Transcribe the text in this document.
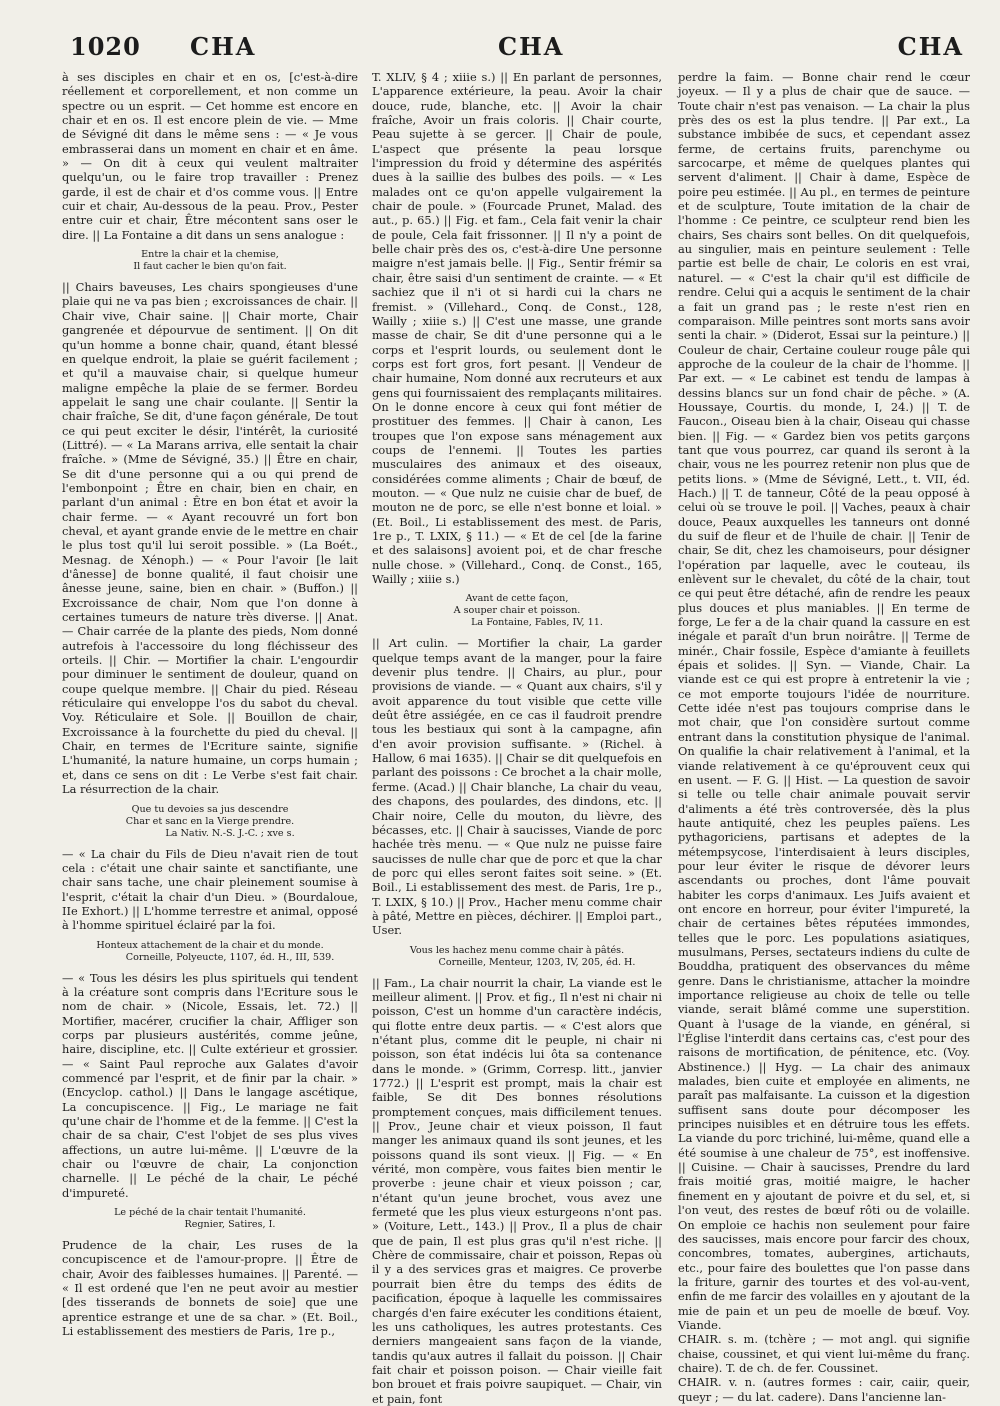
1020 CHA	CHA	CHA

à ses disciples en chair et en os, [c'est-à-dire réellement et corporellement, et non comme un spectre ou un esprit. — Cet homme est encore en chair et en os. Il est encore plein de vie. — Mme de Sévigné dit dans le même sens : — « Je vous embrasserai dans un moment en chair et en âme. » — On dit à ceux qui veulent maltraiter quelqu'un, ou le faire trop travailler : Prenez garde, il est de chair et d'os comme vous. || Entre cuir et chair, Au-dessous de la peau. Prov., Pester entre cuir et chair, Être mécontent sans oser le dire. || La Fontaine a dit dans un sens analogue :

Entre la chair et la chemise,
Il faut cacher le bien qu'on fait.

|| Chairs baveuses, Les chairs spongieuses d'une plaie qui ne va pas bien ; excroissances de chair. || Chair vive, Chair saine. || Chair morte, Chair gangrenée et dépourvue de sentiment. || On dit qu'un homme a bonne chair, quand, étant blessé en quelque endroit, la plaie se guérit facilement ; et qu'il a mauvaise chair, si quelque humeur maligne empêche la plaie de se fermer. Bordeu appelait le sang une chair coulante. || Sentir la chair fraîche, Se dit, d'une façon générale, De tout ce qui peut exciter le désir, l'intérêt, la curiosité (Littré). — « La Marans arriva, elle sentait la chair fraîche. » (Mme de Sévigné, 35.) || Être en chair, Se dit d'une personne qui a ou qui prend de l'embonpoint ; Être en chair, bien en chair, en parlant d'un animal : Être en bon état et avoir la chair ferme. — « Ayant recouvré un fort bon cheval, et ayant grande envie de le mettre en chair le plus tost qu'il lui seroit possible. » (La Boét., Mesnag. de Xénoph.) — « Pour l'avoir [le lait d'ânesse] de bonne qualité, il faut choisir une ânesse jeune, saine, bien en chair. » (Buffon.) || Excroissance de chair, Nom que l'on donne à certaines tumeurs de nature très diverse. || Anat. — Chair carrée de la plante des pieds, Nom donné autrefois à l'accessoire du long fléchisseur des orteils. || Chir. — Mortifier la chair. L'engourdir pour diminuer le sentiment de douleur, quand on coupe quelque membre. || Chair du pied. Réseau réticulaire qui enveloppe l'os du sabot du cheval. Voy. Réticulaire et Sole. || Bouillon de chair, Excroissance à la fourchette du pied du cheval. || Chair, en termes de l'Ecriture sainte, signifie L'humanité, la nature humaine, un corps humain ; et, dans ce sens on dit : Le Verbe s'est fait chair. La résurrection de la chair.

Que tu devoies sa jus descendre
Char et sanc en la Vierge prendre.
La Nativ. N.-S. J.-C. ; xve s.

— « La chair du Fils de Dieu n'avait rien de tout cela : c'était une chair sainte et sanctifiante, une chair sans tache, une chair pleinement soumise à l'esprit, c'était la chair d'un Dieu. » (Bourdaloue, IIe Exhort.) || L'homme terrestre et animal, opposé à l'homme spirituel éclairé par la foi.

Honteux attachement de la chair et du monde.
Corneille, Polyeucte, 1107, éd. H., III, 539.

— « Tous les désirs les plus spirituels qui tendent à la créature sont compris dans l'Ecriture sous le nom de chair. » (Nicole, Essais, let. 72.) || Mortifier, macérer, crucifier la chair, Affliger son corps par plusieurs austérités, comme jeûne, haire, discipline, etc. || Culte extérieur et grossier. — « Saint Paul reproche aux Galates d'avoir commencé par l'esprit, et de finir par la chair. » (Encyclop. cathol.) || Dans le langage ascétique, La concupiscence. || Fig., Le mariage ne fait qu'une chair de l'homme et de la femme. || C'est la chair de sa chair, C'est l'objet de ses plus vives affections, un autre lui-même. || L'œuvre de la chair ou l'œuvre de chair, La conjonction charnelle. || Le péché de la chair, Le péché d'impureté.

Le péché de la chair tentait l'humanité.
Regnier, Satires, I.

Prudence de la chair, Les ruses de la concupiscence et de l'amour-propre. || Être de chair, Avoir des faiblesses humaines. || Parenté. — « Il est ordené que l'en ne peut avoir au mestier [des tisserands de bonnets de soie] que une aprentice estrange et une de sa char. » (Et. Boil., Li establissement des mestiers de Paris, 1re p.,

T. XLIV, § 4 ; xiiie s.) || En parlant de personnes, L'apparence extérieure, la peau. Avoir la chair douce, rude, blanche, etc. || Avoir la chair fraîche, Avoir un frais coloris. || Chair courte, Peau sujette à se gercer. || Chair de poule, L'aspect que présente la peau lorsque l'impression du froid y détermine des aspérités dues à la saillie des bulbes des poils. — « Les malades ont ce qu'on appelle vulgairement la chair de poule. » (Fourcade Prunet, Malad. des aut., p. 65.) || Fig. et fam., Cela fait venir la chair de poule, Cela fait frissonner. || Il n'y a point de belle chair près des os, c'est-à-dire Une personne maigre n'est jamais belle. || Fig., Sentir frémir sa chair, être saisi d'un sentiment de crainte. — « Et sachiez que il n'i ot si hardi cui la chars ne fremist. » (Villehard., Conq. de Const., 128, Wailly ; xiiie s.) || C'est une masse, une grande masse de chair, Se dit d'une personne qui a le corps et l'esprit lourds, ou seulement dont le corps est fort gros, fort pesant. || Vendeur de chair humaine, Nom donné aux recruteurs et aux gens qui fournissaient des remplaçants militaires. On le donne encore à ceux qui font métier de prostituer des femmes. || Chair à canon, Les troupes que l'on expose sans ménagement aux coups de l'ennemi. || Toutes les parties musculaires des animaux et des oiseaux, considérées comme aliments ; Chair de bœuf, de mouton. — « Que nulz ne cuisie char de buef, de mouton ne de porc, se elle n'est bonne et loial. » (Et. Boil., Li establissement des mest. de Paris, 1re p., T. LXIX, § 11.) — « Et de cel [de la farine et des salaisons] avoient poi, et de char fresche nulle chose. » (Villehard., Conq. de Const., 165, Wailly ; xiiie s.)

Avant de cette façon,
A souper chair et poisson.
La Fontaine, Fables, IV, 11.

|| Art culin. — Mortifier la chair, La garder quelque temps avant de la manger, pour la faire devenir plus tendre. || Chairs, au plur., pour provisions de viande. — « Quant aux chairs, s'il y avoit apparence du tout visible que cette ville deût être assiégée, en ce cas il faudroit prendre tous les bestiaux qui sont à la campagne, afin d'en avoir provision suffisante. » (Richel. à Hallow, 6 mai 1635). || Chair se dit quelquefois en parlant des poissons : Ce brochet a la chair molle, ferme. (Acad.) || Chair blanche, La chair du veau, des chapons, des poulardes, des dindons, etc. || Chair noire, Celle du mouton, du lièvre, des bécasses, etc. || Chair à saucisses, Viande de porc hachée très menu. — « Que nulz ne puisse faire saucisses de nulle char que de porc et que la char de porc qui elles seront faites soit seine. » (Et. Boil., Li establissement des mest. de Paris, 1re p., T. LXIX, § 10.) || Prov., Hacher menu comme chair à pâté, Mettre en pièces, déchirer. || Emploi part., User.

Vous les hachez menu comme chair à pâtés.
Corneille, Menteur, 1203, IV, 205, éd. H.

|| Fam., La chair nourrit la chair, La viande est le meilleur aliment. || Prov. et fig., Il n'est ni chair ni poisson, C'est un homme d'un caractère indécis, qui flotte entre deux partis. — « C'est alors que n'étant plus, comme dit le peuple, ni chair ni poisson, son état indécis lui ôta sa contenance dans le monde. » (Grimm, Corresp. litt., janvier 1772.) || L'esprit est prompt, mais la chair est faible, Se dit Des bonnes résolutions promptement conçues, mais difficilement tenues. || Prov., Jeune chair et vieux poisson, Il faut manger les animaux quand ils sont jeunes, et les poissons quand ils sont vieux. || Fig. — « En vérité, mon compère, vous faites bien mentir le proverbe : jeune chair et vieux poisson ; car, n'étant qu'un jeune brochet, vous avez une fermeté que les plus vieux esturgeons n'ont pas. » (Voiture, Lett., 143.) || Prov., Il a plus de chair que de pain, Il est plus gras qu'il n'est riche. || Chère de commissaire, chair et poisson, Repas où il y a des services gras et maigres. Ce proverbe pourrait bien être du temps des édits de pacification, époque à laquelle les commissaires chargés d'en faire exécuter les conditions étaient, les uns catholiques, les autres protestants. Ces derniers mangeaient sans façon de la viande, tandis qu'aux autres il fallait du poisson. || Chair fait chair et poisson poison. — Chair vieille fait bon brouet et frais poivre saupiquet. — Chair, vin et pain, font

perdre la faim. — Bonne chair rend le cœur joyeux. — Il y a plus de chair que de sauce. — Toute chair n'est pas venaison. — La chair la plus près des os est la plus tendre. || Par ext., La substance imbibée de sucs, et cependant assez ferme, de certains fruits, parenchyme ou sarcocarpe, et même de quelques plantes qui servent d'aliment. || Chair à dame, Espèce de poire peu estimée. || Au pl., en termes de peinture et de sculpture, Toute imitation de la chair de l'homme : Ce peintre, ce sculpteur rend bien les chairs, Ses chairs sont belles. On dit quelquefois, au singulier, mais en peinture seulement : Telle partie est belle de chair, Le coloris en est vrai, naturel. — « C'est la chair qu'il est difficile de rendre. Celui qui a acquis le sentiment de la chair a fait un grand pas ; le reste n'est rien en comparaison. Mille peintres sont morts sans avoir senti la chair. » (Diderot, Essai sur la peinture.) || Couleur de chair, Certaine couleur rouge pâle qui approche de la couleur de la chair de l'homme. || Par ext. — « Le cabinet est tendu de lampas à dessins blancs sur un fond chair de pêche. » (A. Houssaye, Courtis. du monde, I, 24.) || T. de Faucon., Oiseau bien à la chair, Oiseau qui chasse bien. || Fig. — « Gardez bien vos petits garçons tant que vous pourrez, car quand ils seront à la chair, vous ne les pourrez retenir non plus que de petits lions. » (Mme de Sévigné, Lett., t. VII, éd. Hach.) || T. de tanneur, Côté de la peau opposé à celui où se trouve le poil. || Vaches, peaux à chair douce, Peaux auxquelles les tanneurs ont donné du suif de fleur et de l'huile de chair. || Tenir de chair, Se dit, chez les chamoiseurs, pour désigner l'opération par laquelle, avec le couteau, ils enlèvent sur le chevalet, du côté de la chair, tout ce qui peut être détaché, afin de rendre les peaux plus douces et plus maniables. || En terme de forge, Le fer a de la chair quand la cassure en est inégale et paraît d'un brun noirâtre. || Terme de minér., Chair fossile, Espèce d'amiante à feuillets épais et solides. || Syn. — Viande, Chair. La viande est ce qui est propre à entretenir la vie ; ce mot emporte toujours l'idée de nourriture. Cette idée n'est pas toujours comprise dans le mot chair, que l'on considère surtout comme entrant dans la constitution physique de l'animal. On qualifie la chair relativement à l'animal, et la viande relativement à ce qu'éprouvent ceux qui en usent. — F. G. || Hist. — La question de savoir si telle ou telle chair animale pouvait servir d'aliments a été très controversée, dès la plus haute antiquité, chez les peuples païens. Les pythagoriciens, partisans et adeptes de la métempsycose, l'interdisaient à leurs disciples, pour leur éviter le risque de dévorer leurs ascendants ou proches, dont l'âme pouvait habiter les corps d'animaux. Les Juifs avaient et ont encore en horreur, pour éviter l'impureté, la chair de certaines bêtes réputées immondes, telles que le porc. Les populations asiatiques, musulmans, Perses, sectateurs indiens du culte de Bouddha, pratiquent des observances du même genre. Dans le christianisme, attacher la moindre importance religieuse au choix de telle ou telle viande, serait blâmé comme une superstition. Quant à l'usage de la viande, en général, si l'Église l'interdit dans certains cas, c'est pour des raisons de mortification, de pénitence, etc. (Voy. Abstinence.) || Hyg. — La chair des animaux malades, bien cuite et employée en aliments, ne paraît pas malfaisante. La cuisson et la digestion suffisent sans doute pour décomposer les principes nuisibles et en détruire tous les effets. La viande du porc trichiné, lui-même, quand elle a été soumise à une chaleur de 75°, est inoffensive. || Cuisine. — Chair à saucisses, Prendre du lard frais moitié gras, moitié maigre, le hacher finement en y ajoutant de poivre et du sel, et, si l'on veut, des restes de bœuf rôti ou de volaille. On emploie ce hachis non seulement pour faire des saucisses, mais encore pour farcir des choux, concombres, tomates, aubergines, artichauts, etc., pour faire des boulettes que l'on passe dans la friture, garnir des tourtes et des vol-au-vent, enfin de me farcir des volailles en y ajoutant de la mie de pain et un peu de moelle de bœuf. Voy. Viande.

CHAIR. s. m. (tchère ; — mot angl. qui signifie chaise, coussinet, et qui vient lui-même du franç. chaire). T. de ch. de fer. Coussinet.

CHAIR. v. n. (autres formes : cair, caiir, queir, queyr ; — du lat. cadere). Dans l'ancienne lan-
